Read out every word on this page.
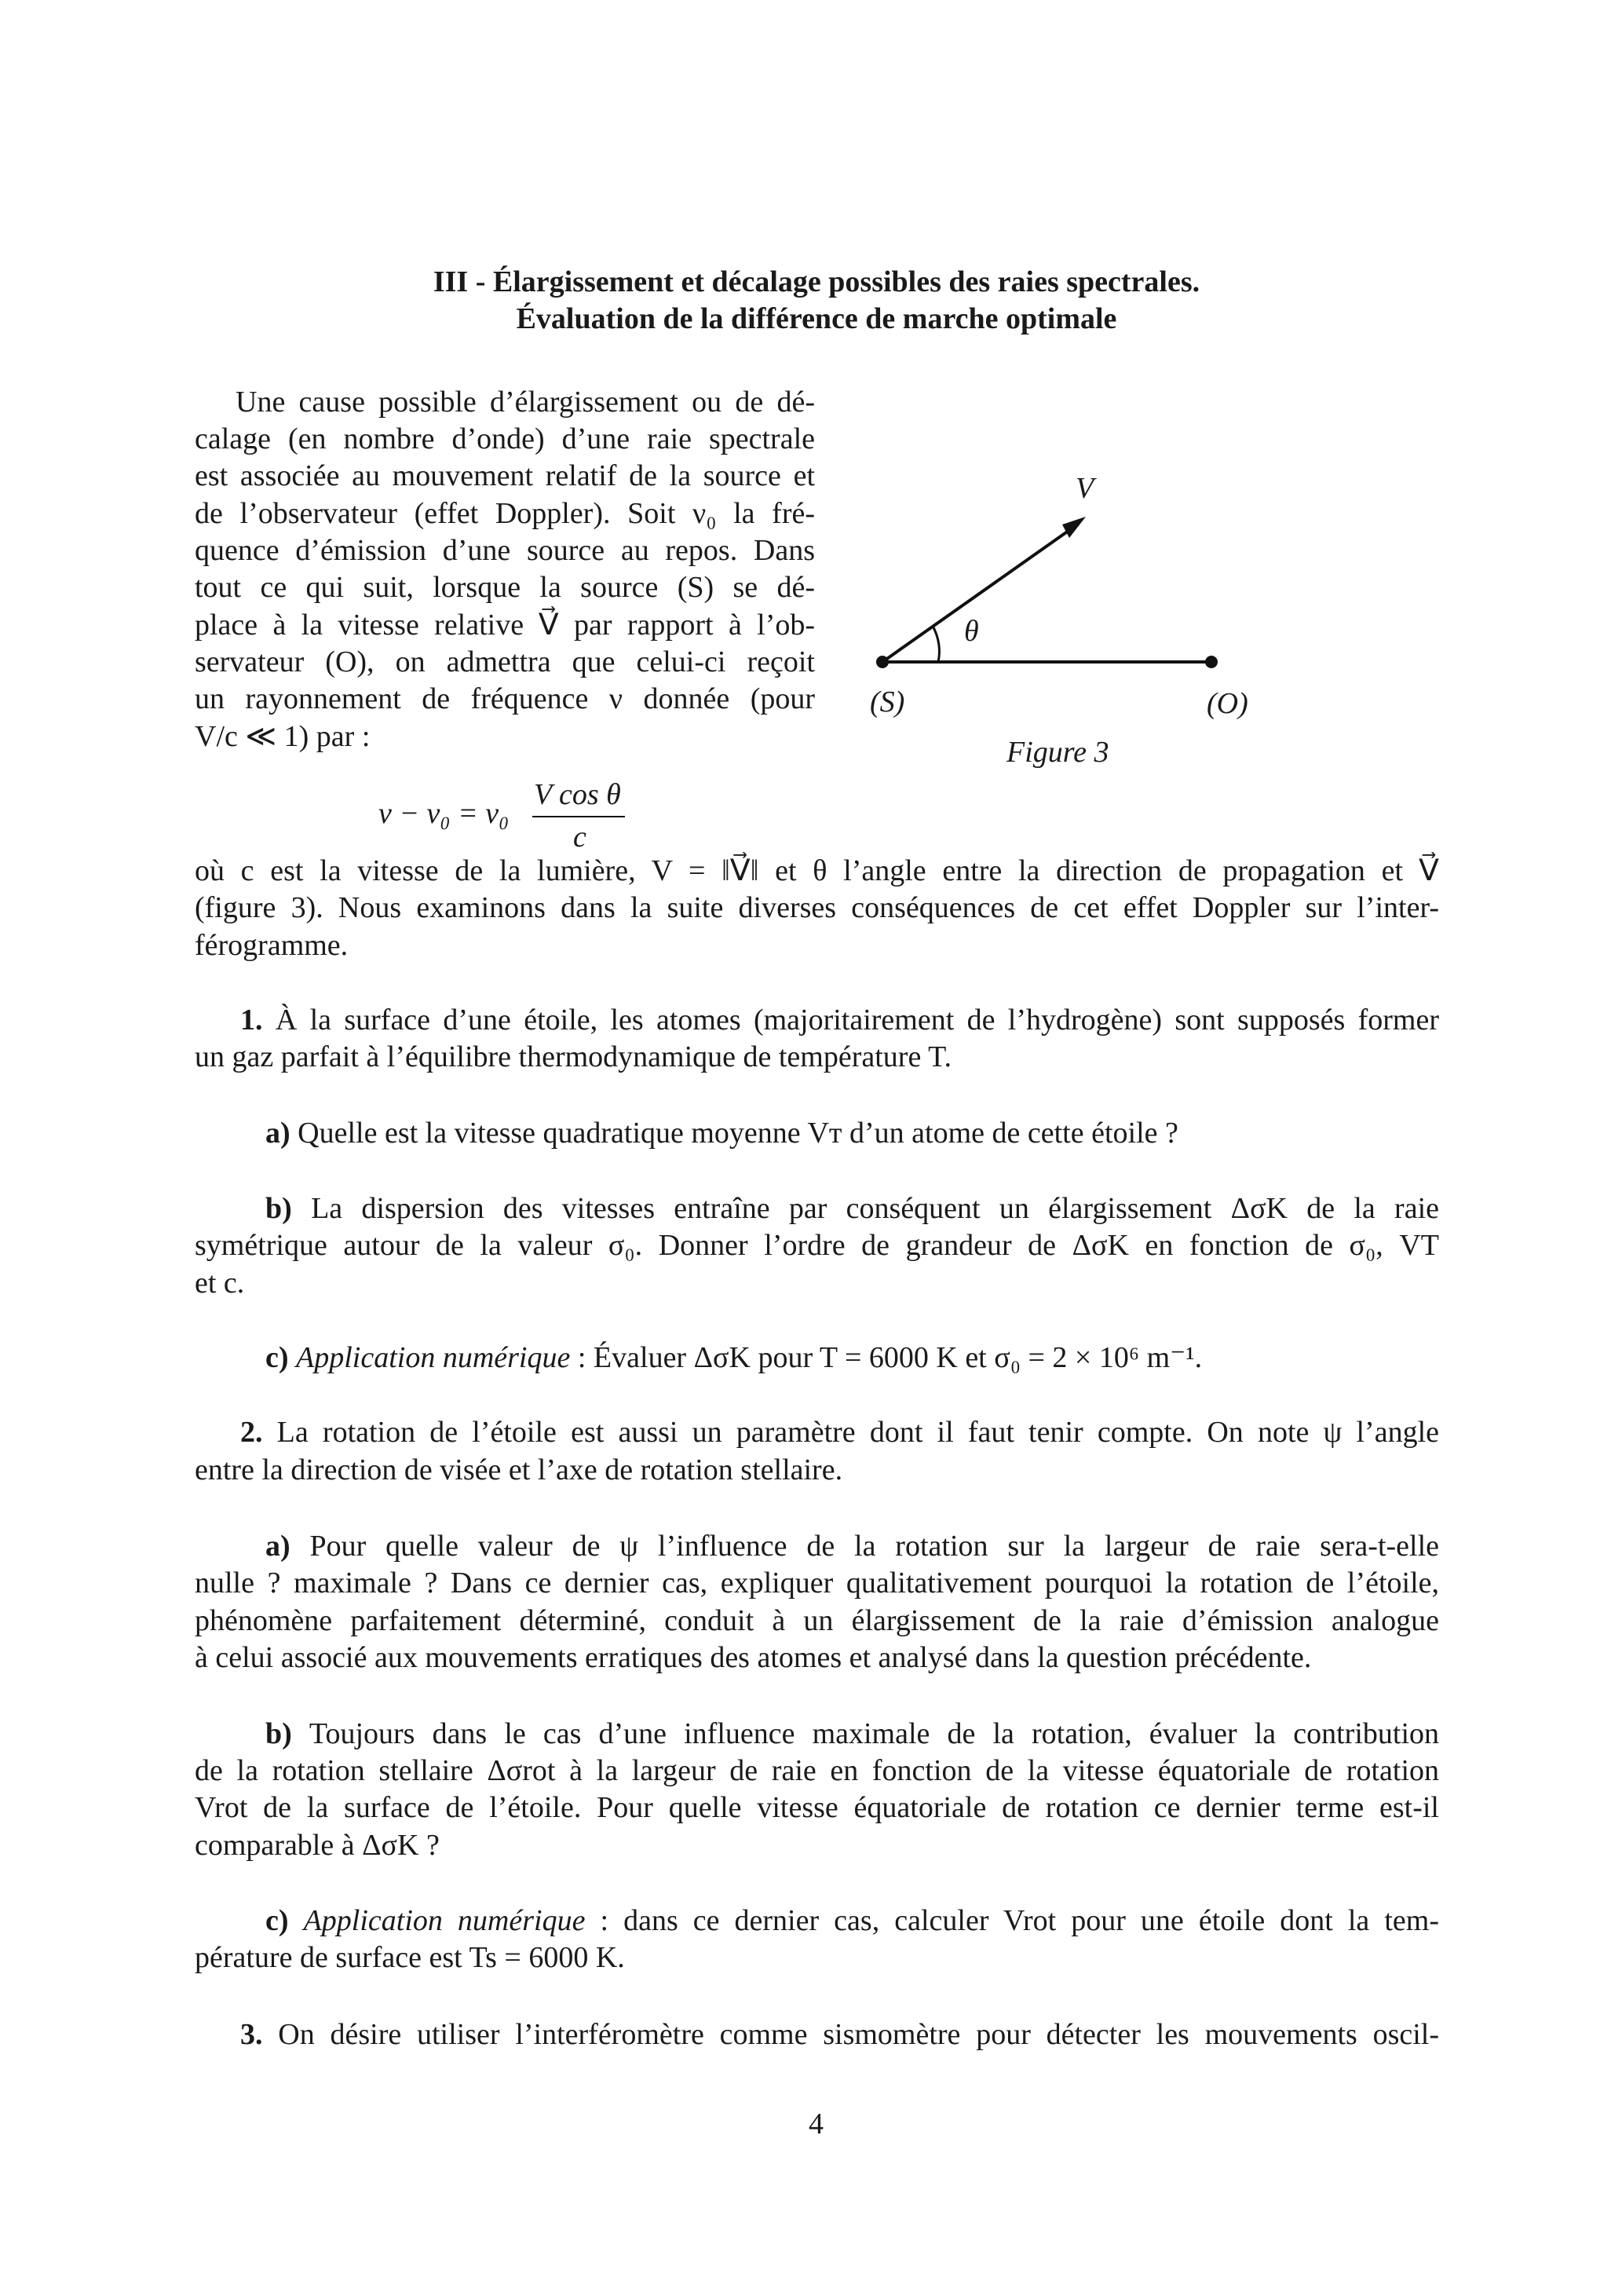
III - Élargissement et décalage possibles des raies spectrales.
Évaluation de la différence de marche optimale
Une cause possible d’élargissement ou de dé-
calage (en nombre d’onde) d’une raie spectrale
est associée au mouvement relatif de la source et
de l’observateur (effet Doppler). Soit ν₀ la fré-
quence d’émission d’une source au repos. Dans
tout ce qui suit, lorsque la source (S) se dé-
place à la vitesse relative V⃗ par rapport à l’ob-
servateur (O), on admettra que celui-ci reçoit
un rayonnement de fréquence ν donnée (pour
V/c ≪ 1) par :
V⃗
θ
(S)	(O)
Figure 3
ν − ν₀ = ν₀
V cos θ
c
où c est la vitesse de la lumière, V = ‖V⃗‖ et θ l’angle entre la direction de propagation et V⃗
(figure 3). Nous examinons dans la suite diverses conséquences de cet effet Doppler sur l’inter-
férogramme.
1. À la surface d’une étoile, les atomes (majoritairement de l’hydrogène) sont supposés former
un gaz parfait à l’équilibre thermodynamique de température T.
a) Quelle est la vitesse quadratique moyenne Vт d’un atome de cette étoile ?
b) La dispersion des vitesses entraîne par conséquent un élargissement ΔσK de la raie
symétrique autour de la valeur σ₀. Donner l’ordre de grandeur de ΔσK en fonction de σ₀, VT
et c.
c) Application numérique : Évaluer ΔσK pour T = 6000 K et σ₀ = 2 × 10⁶ m⁻¹.
2. La rotation de l’étoile est aussi un paramètre dont il faut tenir compte. On note ψ l’angle
entre la direction de visée et l’axe de rotation stellaire.
a) Pour quelle valeur de ψ l’influence de la rotation sur la largeur de raie sera-t-elle
nulle ? maximale ? Dans ce dernier cas, expliquer qualitativement pourquoi la rotation de l’étoile,
phénomène parfaitement déterminé, conduit à un élargissement de la raie d’émission analogue
à celui associé aux mouvements erratiques des atomes et analysé dans la question précédente.
b) Toujours dans le cas d’une influence maximale de la rotation, évaluer la contribution
de la rotation stellaire Δσrot à la largeur de raie en fonction de la vitesse équatoriale de rotation
Vrot de la surface de l’étoile. Pour quelle vitesse équatoriale de rotation ce dernier terme est-il
comparable à ΔσK ?
c) Application numérique : dans ce dernier cas, calculer Vrot pour une étoile dont la tem-
pérature de surface est Ts = 6000 K.
3. On désire utiliser l’interféromètre comme sismomètre pour détecter les mouvements oscil-
4
